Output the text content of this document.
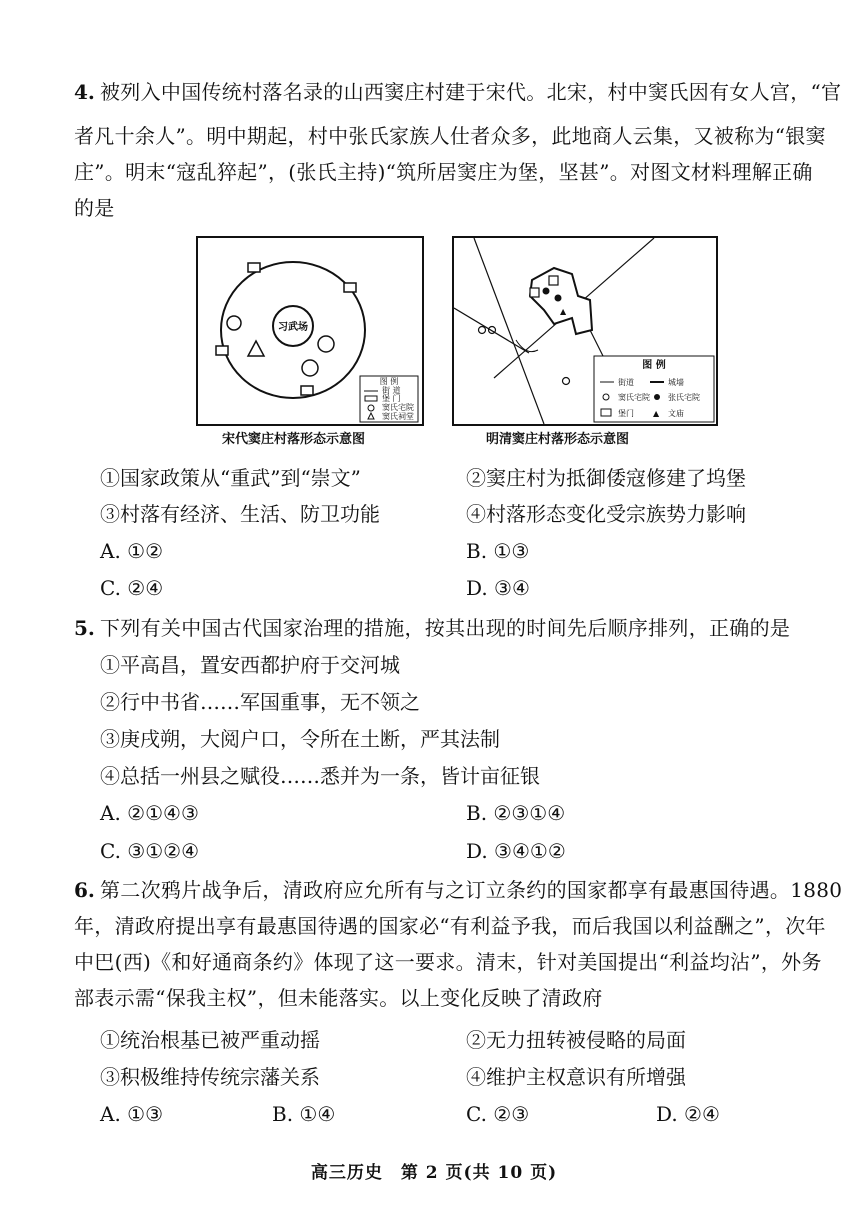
4. 被列入中国传统村落名录的山西窦庄村建于宋代。北宋，村中窦氏因有女人宫，“官
者凡十余人”。明中期起，村中张氏家族人仕者众多，此地商人云集，又被称为“银窦
庄”。明末“寇乱猝起”，(张氏主持)“筑所居窦庄为堡，坚甚”。对图文材料理解正确
的是
习武场
图 例
街 道
堡 门
窦氏宅院
窦氏祠堂
宋代窦庄村落形态示意图
▲
图 例
街道	城墙
窦氏宅院 张氏宅院
堡门 ▲ 文庙
明清窦庄村落形态示意图
①国家政策从“重武”到“崇文”	②窦庄村为抵御倭寇修建了坞堡
③村落有经济、生活、防卫功能	④村落形态变化受宗族势力影响
A. ①②	B. ①③
C. ②④	D. ③④
5. 下列有关中国古代国家治理的措施，按其出现的时间先后顺序排列，正确的是
①平高昌，置安西都护府于交河城
②行中书省……军国重事，无不领之
③庚戌朔，大阅户口，令所在土断，严其法制
④总括一州县之赋役……悉并为一条，皆计亩征银
A. ②①④③	B. ②③①④
C. ③①②④	D. ③④①②
6. 第二次鸦片战争后，清政府应允所有与之订立条约的国家都享有最惠国待遇。1880
年，清政府提出享有最惠国待遇的国家必“有利益予我，而后我国以利益酬之”，次年
中巴(西)《和好通商条约》体现了这一要求。清末，针对美国提出“利益均沾”，外务
部表示需“保我主权”，但未能落实。以上变化反映了清政府
①统治根基已被严重动摇	②无力扭转被侵略的局面
③积极维持传统宗藩关系	④维护主权意识有所增强
A. ①③	B. ①④	C. ②③	D. ②④
高三历史　第 2 页(共 10 页)
